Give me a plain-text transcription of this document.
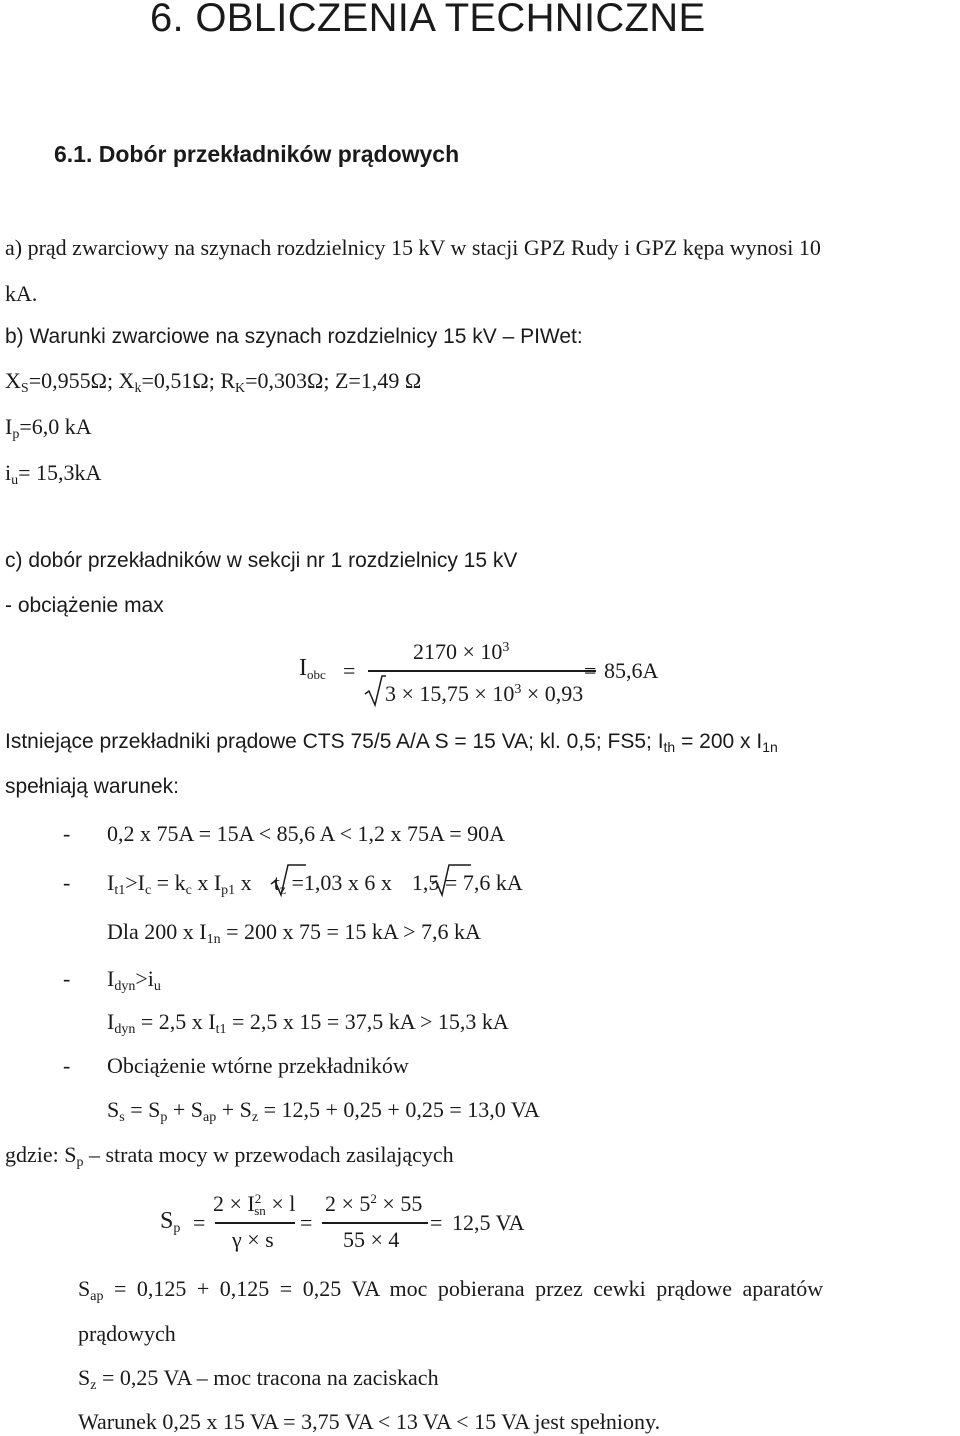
6. OBLICZENIA TECHNICZNE
6.1. Dobór przekładników prądowych
a) prąd zwarciowy na szynach rozdzielnicy 15 kV w stacji GPZ Rudy i GPZ kępa wynosi 10
kA.
b) Warunki zwarciowe na szynach rozdzielnicy 15 kV – PIWet:
$X_S=0,955\Omega$; $X_k=0,51\Omega$; $R_K=0,303\Omega$; Z=1,49 Ω
$I_p=6,0$ kA
$i_u= 15,3kA$
c) dobór przekładników w sekcji nr 1 rozdzielnicy 15 kV
- obciążenie max
$I_{obc}$ =
$2170 \times 10^3$
$3 \times 15,75 \times 10^3 \times 0,93$
= 85,6A
Istniejące przekładniki prądowe CTS 75/5 A/A S = 15 VA; kl. 0,5; FS5; $I_{th} = 200$ x $I_{1n}$
spełniają warunek:
- 0,2 x 75A = 15A < 85,6 A < 1,2 x 75A = 90A
- $I_{t1}>I_c = k_c$ x $I_{p1}$ x $t_z =1,03$ x 6 x 1,5 = 7,6 kA
Dla 200 x $I_{1n} = 200$ x 75 = 15 kA > 7,6 kA
- $I_{dyn}>i_u$
$I_{dyn} = 2,5$ x $I_{t1} = 2,5$ x 15 = 37,5 kA > 15,3 kA
- Obciążenie wtórne przekładników
$S_s = S_p + S_{ap} + S_z = 12,5 + 0,25 + 0,25 = 13,0$ VA
gdzie: $S_p$ – strata mocy w przewodach zasilających
$S_p$ =
$2 \times I^2_{sn} \times l$
γ × s
=
$2 \times 5^2 \times 55$
55 × 4
= 12,5 VA
$S_{ap} = 0,125 + 0,125 = 0,25$ VA moc pobierana przez cewki prądowe aparatów
prądowych
$S_z = 0,25$ VA – moc tracona na zaciskach
Warunek 0,25 x 15 VA = 3,75 VA < 13 VA < 15 VA jest spełniony.
